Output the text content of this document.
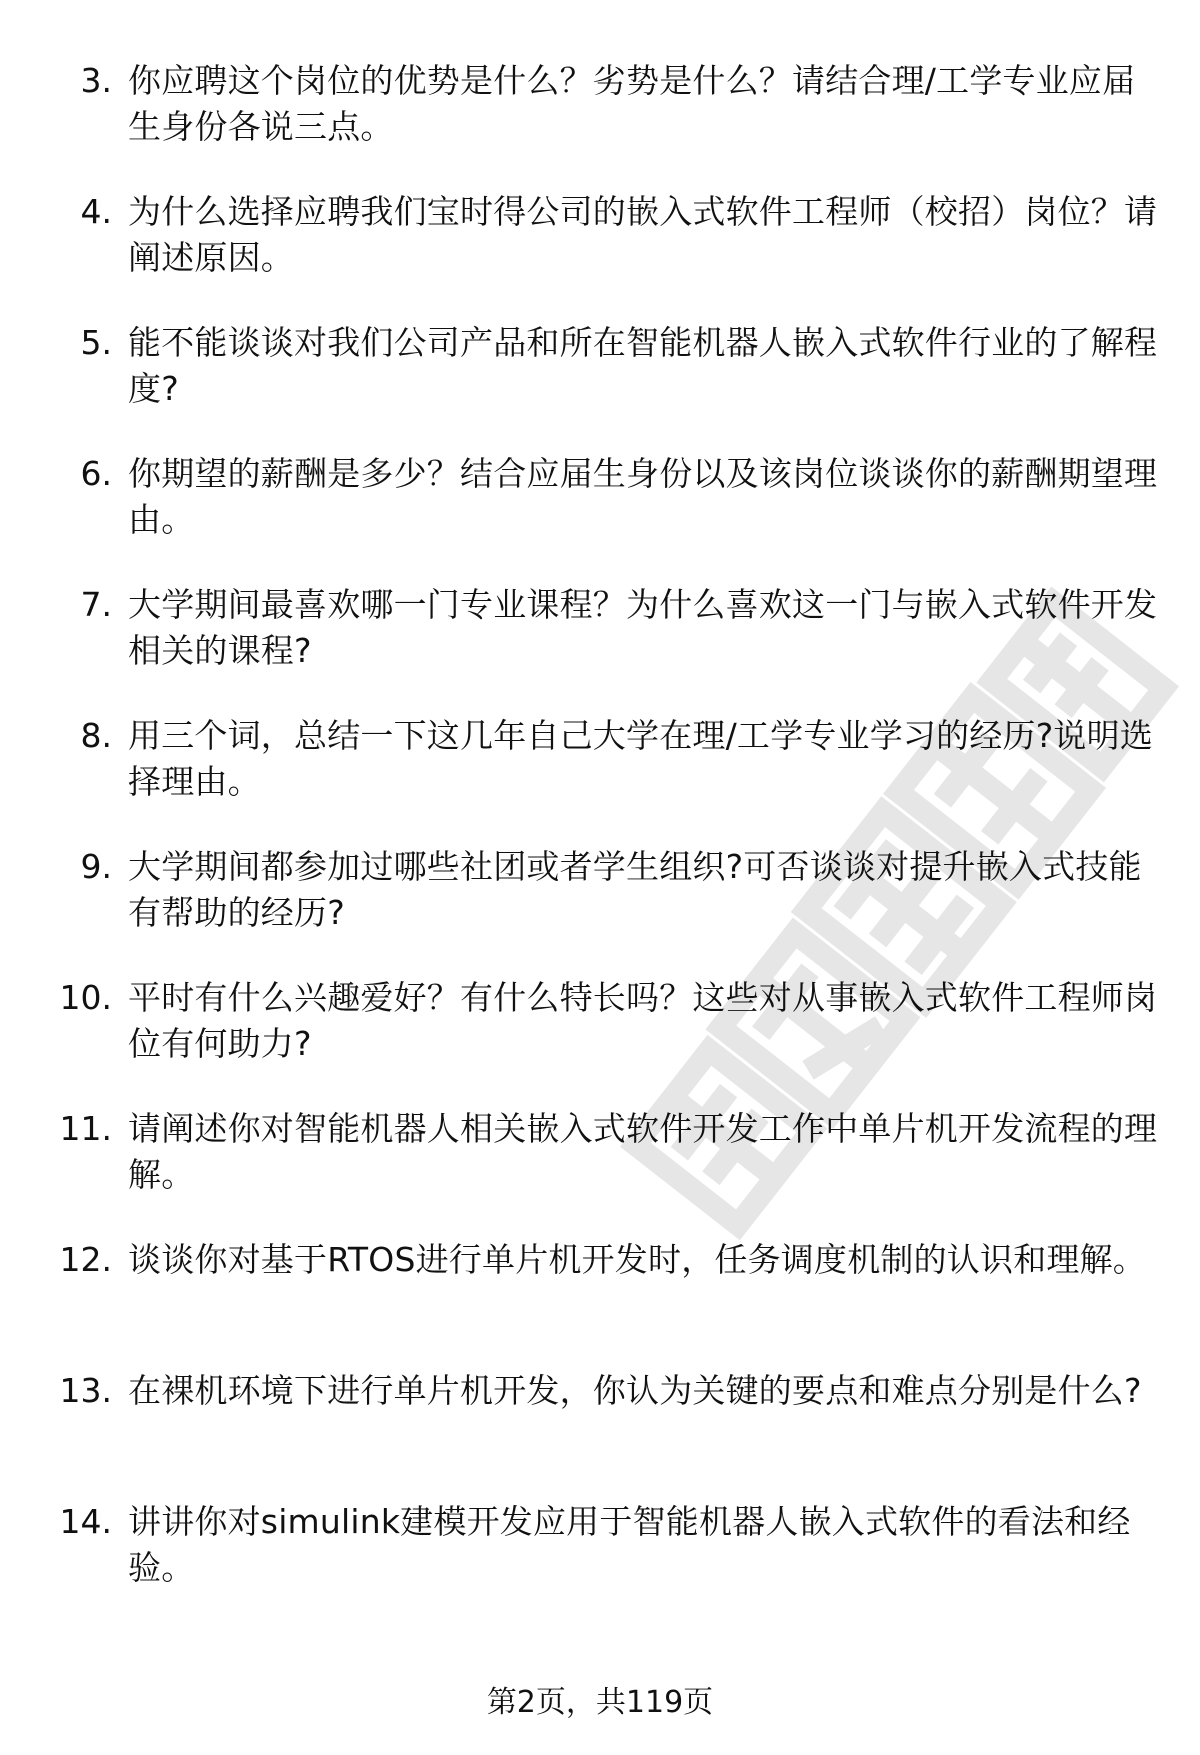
3. 你应聘这个岗位的优势是什么？劣势是什么？请结合理/工学专业应届生身份各说三点。
4. 为什么选择应聘我们宝时得公司的嵌入式软件工程师（校招）岗位？请阐述原因。
5. 能不能谈谈对我们公司产品和所在智能机器人嵌入式软件行业的了解程度?
6. 你期望的薪酬是多少？结合应届生身份以及该岗位谈谈你的薪酬期望理由。
7. 大学期间最喜欢哪一门专业课程？为什么喜欢这一门与嵌入式软件开发相关的课程?
8. 用三个词，总结一下这几年自己大学在理/工学专业学习的经历?说明选择理由。
9. 大学期间都参加过哪些社团或者学生组织?可否谈谈对提升嵌入式技能有帮助的经历?
10. 平时有什么兴趣爱好？有什么特长吗？这些对从事嵌入式软件工程师岗位有何助力?
11. 请阐述你对智能机器人相关嵌入式软件开发工作中单片机开发流程的理解。
12. 谈谈你对基于RTOS进行单片机开发时，任务调度机制的认识和理解。
13. 在裸机环境下进行单片机开发，你认为关键的要点和难点分别是什么?
14. 讲讲你对simulink建模开发应用于智能机器人嵌入式软件的看法和经验。
第2页，共119页
